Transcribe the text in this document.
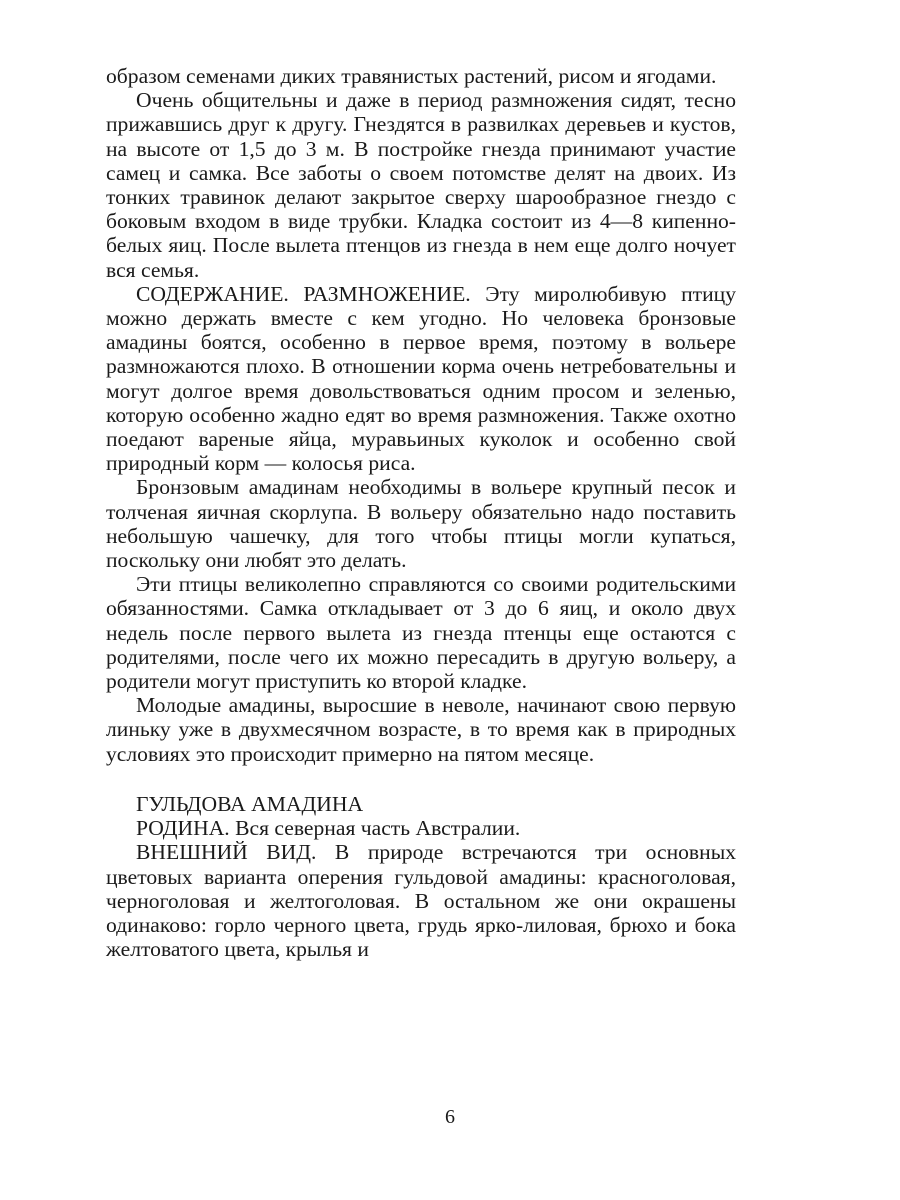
образом семенами диких травянистых растений, рисом и ягодами.

Очень общительны и даже в период размножения сидят, тесно прижавшись друг к другу. Гнездятся в развилках деревьев и кустов, на высоте от 1,5 до 3 м. В постройке гнезда принимают участие самец и самка. Все заботы о своем потомстве делят на двоих. Из тонких травинок делают закрытое сверху шарообразное гнездо с боковым входом в виде трубки. Кладка состоит из 4—8 кипенно-белых яиц. После вылета птенцов из гнезда в нем еще долго ночует вся семья.

СОДЕРЖАНИЕ. РАЗМНОЖЕНИЕ. Эту миролюбивую птицу можно держать вместе с кем угодно. Но человека бронзовые амадины боятся, особенно в первое время, поэтому в вольере размножаются плохо. В отношении корма очень нетребовательны и могут долгое время довольствоваться одним просом и зеленью, которую особенно жадно едят во время размножения. Также охотно поедают вареные яйца, муравьиных куколок и особенно свой природный корм — колосья риса.

Бронзовым амадинам необходимы в вольере крупный песок и толченая яичная скорлупа. В вольеру обязательно надо поставить небольшую чашечку, для того чтобы птицы могли купаться, поскольку они любят это делать.

Эти птицы великолепно справляются со своими родительскими обязанностями. Самка откладывает от 3 до 6 яиц, и около двух недель после первого вылета из гнезда птенцы еще остаются с родителями, после чего их можно пересадить в другую вольеру, а родители могут приступить ко второй кладке.

Молодые амадины, выросшие в неволе, начинают свою первую линьку уже в двухмесячном возрасте, в то время как в природных условиях это происходит примерно на пятом месяце.

ГУЛЬДОВА АМАДИНА

РОДИНА. Вся северная часть Австралии.

ВНЕШНИЙ ВИД. В природе встречаются три основных цветовых варианта оперения гульдовой амадины: красноголовая, черноголовая и желтоголовая. В остальном же они окрашены одинаково: горло черного цвета, грудь ярко-лиловая, брюхо и бока желтоватого цвета, крылья и

6
